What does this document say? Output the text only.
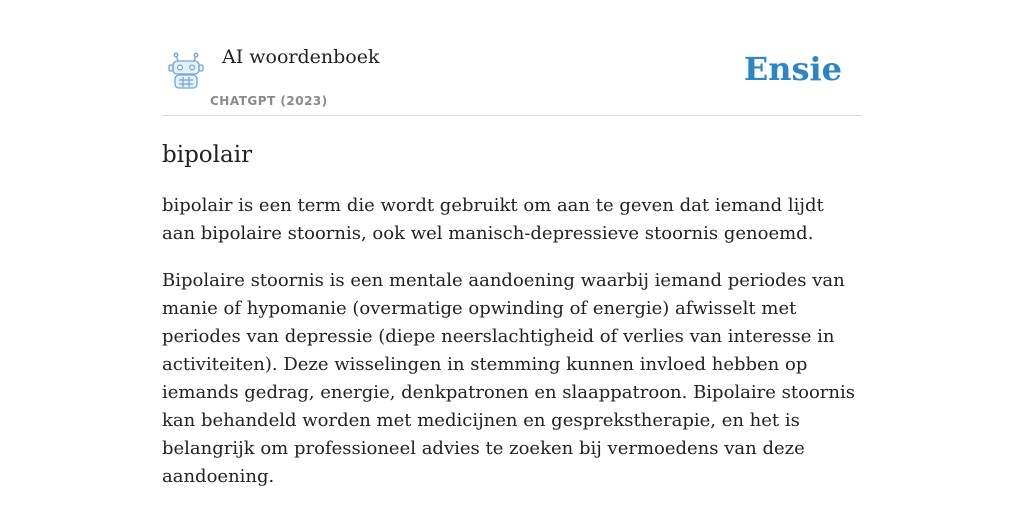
AI woordenboek
CHATGPT (2023)
Ensie
bipolair

bipolair is een term die wordt gebruikt om aan te geven dat iemand lijdt aan bipolaire stoornis, ook wel manisch-depressieve stoornis genoemd.

Bipolaire stoornis is een mentale aandoening waarbij iemand periodes van manie of hypomanie (overmatige opwinding of energie) afwisselt met periodes van depressie (diepe neerslachtigheid of verlies van interesse in activiteiten). Deze wisselingen in stemming kunnen invloed hebben op iemands gedrag, energie, denkpatronen en slaappatroon. Bipolaire stoornis kan behandeld worden met medicijnen en gesprekstherapie, en het is belangrijk om professioneel advies te zoeken bij vermoedens van deze aandoening.
